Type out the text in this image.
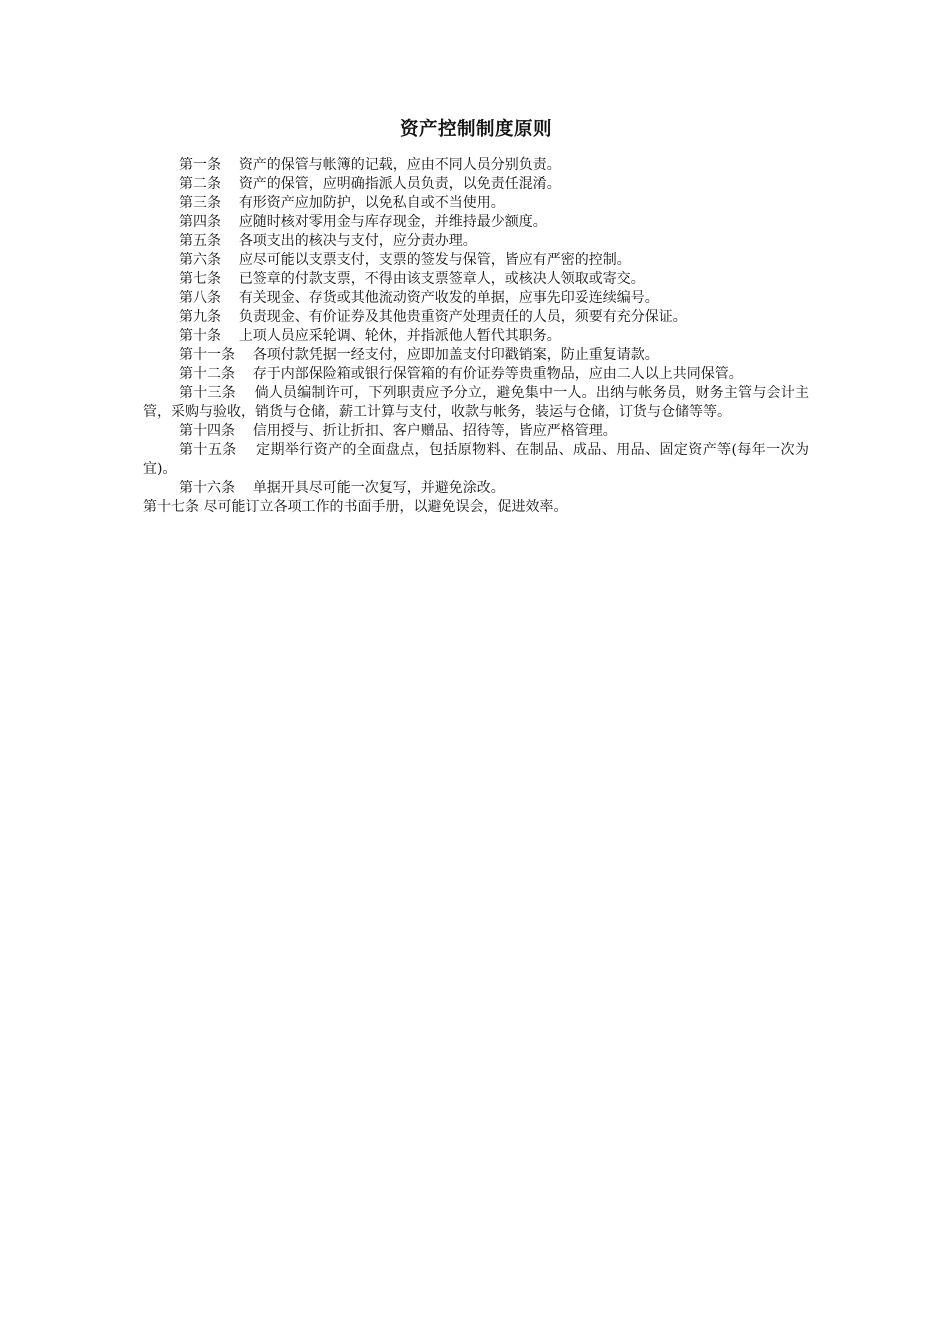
资产控制制度原则

第一条 资产的保管与帐簿的记载，应由不同人员分别负责。

第二条 资产的保管，应明确指派人员负责，以免责任混淆。

第三条 有形资产应加防护，以免私自或不当使用。

第四条 应随时核对零用金与库存现金，并维持最少额度。

第五条 各项支出的核决与支付，应分责办理。

第六条 应尽可能以支票支付，支票的签发与保管，皆应有严密的控制。

第七条 已签章的付款支票，不得由该支票签章人，或核决人领取或寄交。

第八条 有关现金、存货或其他流动资产收发的单据，应事先印妥连续编号。

第九条 负责现金、有价证券及其他贵重资产处理责任的人员，须要有充分保证。

第十条 上项人员应采轮调、轮休，并指派他人暂代其职务。

第十一条 各项付款凭据一经支付，应即加盖支付印戳销案，防止重复请款。

第十二条 存于内部保险箱或银行保管箱的有价证券等贵重物品，应由二人以上共同保管。

第十三条 倘人员编制许可，下列职责应予分立，避免集中一人。出纳与帐务员，财务主管与会计主管，采购与验收，销货与仓储，薪工计算与支付，收款与帐务，装运与仓储，订货与仓储等等。

第十四条 信用授与、折让折扣、客户赠品、招待等，皆应严格管理。

第十五条 定期举行资产的全面盘点，包括原物料、在制品、成品、用品、固定资产等(每年一次为宜)。

第十六条 单据开具尽可能一次复写，并避免涂改。

第十七条 尽可能订立各项工作的书面手册，以避免误会，促进效率。
